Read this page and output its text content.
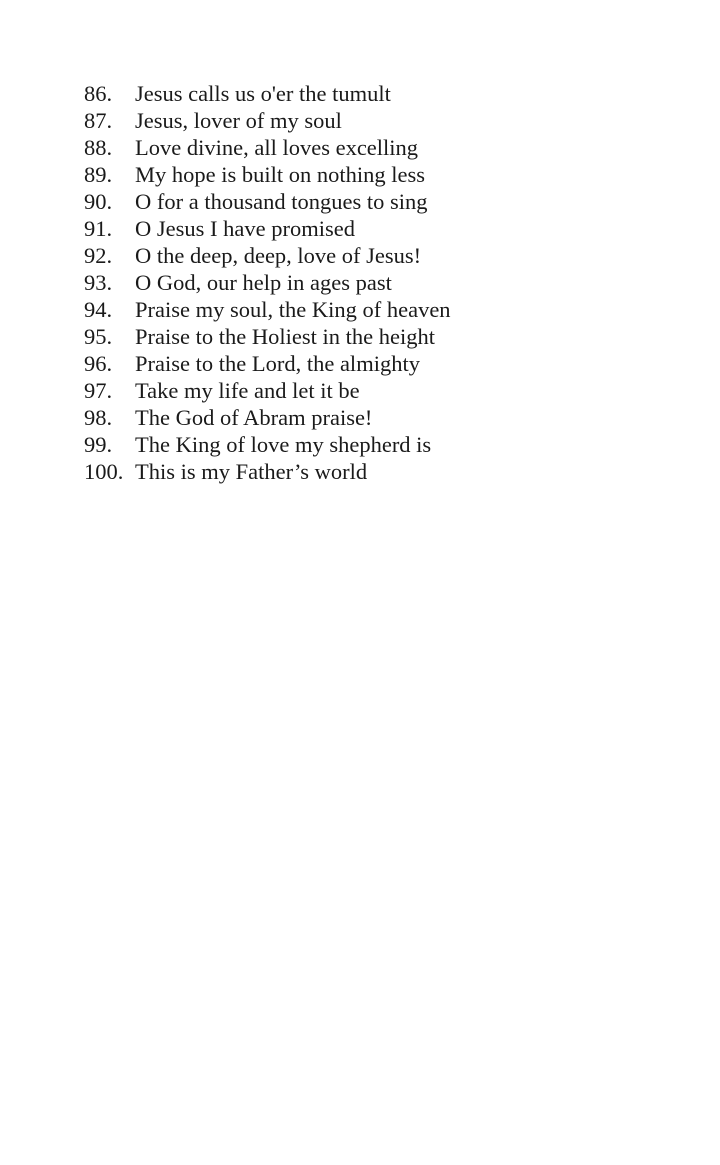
86.	Jesus calls us o'er the tumult
87.	Jesus, lover of my soul
88.	Love divine, all loves excelling
89.	My hope is built on nothing less
90.	O for a thousand tongues to sing
91.	O Jesus I have promised
92.	O the deep, deep, love of Jesus!
93.	O God, our help in ages past
94.	Praise my soul, the King of heaven
95.	Praise to the Holiest in the height
96.	Praise to the Lord, the almighty
97.	Take my life and let it be
98.	The God of Abram praise!
99.	The King of love my shepherd is
100. This is my Father’s world
